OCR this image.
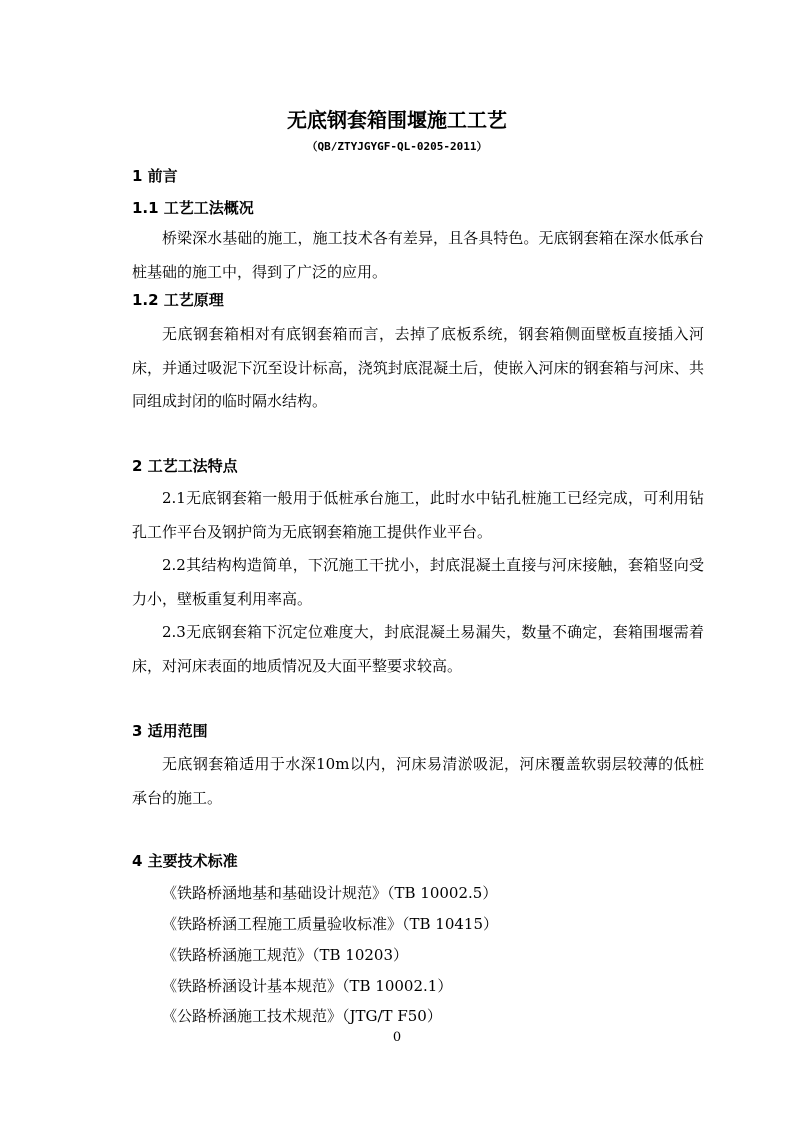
无底钢套箱围堰施工工艺
（QB/ZTYJGYGF-QL-0205-2011）
1 前言
1.1 工艺工法概况

桥梁深水基础的施工，施工技术各有差异，且各具特色。无底钢套箱在深水低承台桩基础的施工中，得到了广泛的应用。

1.2 工艺原理

无底钢套箱相对有底钢套箱而言，去掉了底板系统，钢套箱侧面壁板直接插入河床，并通过吸泥下沉至设计标高，浇筑封底混凝土后，使嵌入河床的钢套箱与河床、共同组成封闭的临时隔水结构。

2 工艺工法特点

2.1无底钢套箱一般用于低桩承台施工，此时水中钻孔桩施工已经完成，可利用钻孔工作平台及钢护筒为无底钢套箱施工提供作业平台。

2.2其结构构造简单，下沉施工干扰小，封底混凝土直接与河床接触，套箱竖向受力小，壁板重复利用率高。

2.3无底钢套箱下沉定位难度大，封底混凝土易漏失，数量不确定，套箱围堰需着床，对河床表面的地质情况及大面平整要求较高。

3 适用范围

无底钢套箱适用于水深10m以内，河床易清淤吸泥，河床覆盖软弱层较薄的低桩承台的施工。

4 主要技术标准
《铁路桥涵地基和基础设计规范》（TB 10002.5）
《铁路桥涵工程施工质量验收标准》（TB 10415）
《铁路桥涵施工规范》（TB 10203）
《铁路桥涵设计基本规范》（TB 10002.1）
《公路桥涵施工技术规范》（JTG/T F50）
0
